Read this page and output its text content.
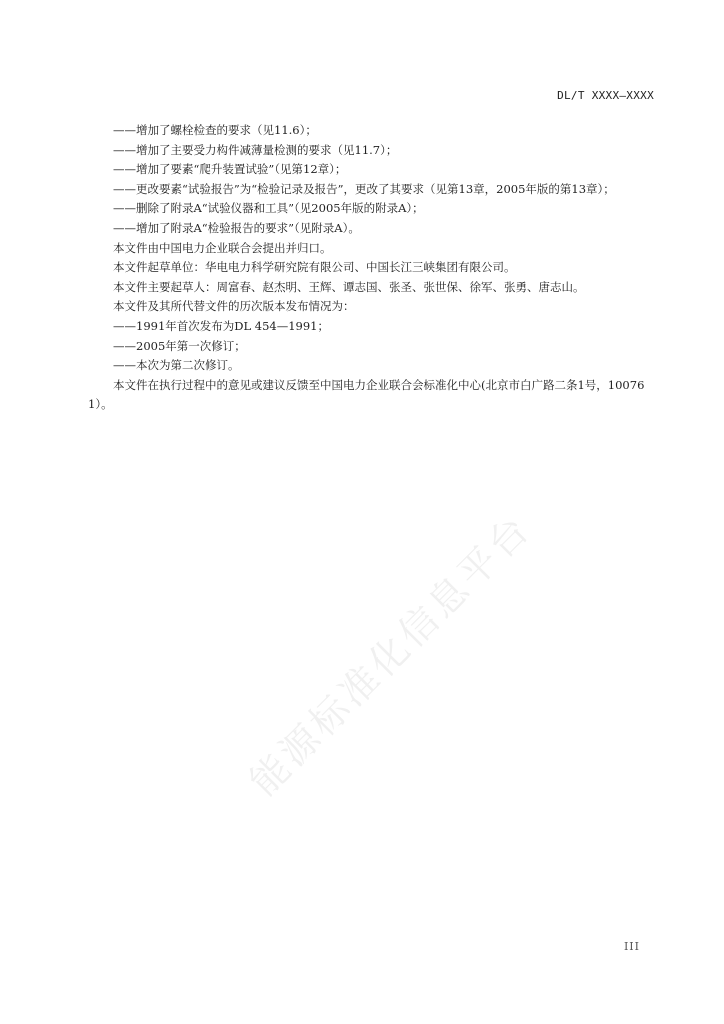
DL/T XXXX—XXXX

——增加了螺栓检查的要求（见11.6）；

——增加了主要受力构件减薄量检测的要求（见11.7）；

——增加了要素“爬升装置试验”（见第12章）；

——更改要素“试验报告”为“检验记录及报告”，更改了其要求（见第13章，2005年版的第13章）；

——删除了附录A“试验仪器和工具”（见2005年版的附录A）；

——增加了附录A“检验报告的要求”（见附录A）。

本文件由中国电力企业联合会提出并归口。

本文件起草单位：华电电力科学研究院有限公司、中国长江三峡集团有限公司。

本文件主要起草人：周富春、赵杰明、王辉、谭志国、张圣、张世保、徐军、张勇、唐志山。

本文件及其所代替文件的历次版本发布情况为：

——1991年首次发布为DL 454—1991；

——2005年第一次修订；

——本次为第二次修订。

本文件在执行过程中的意见或建议反馈至中国电力企业联合会标准化中心(北京市白广路二条1号，100761）。

能源标准化信息平台
III
